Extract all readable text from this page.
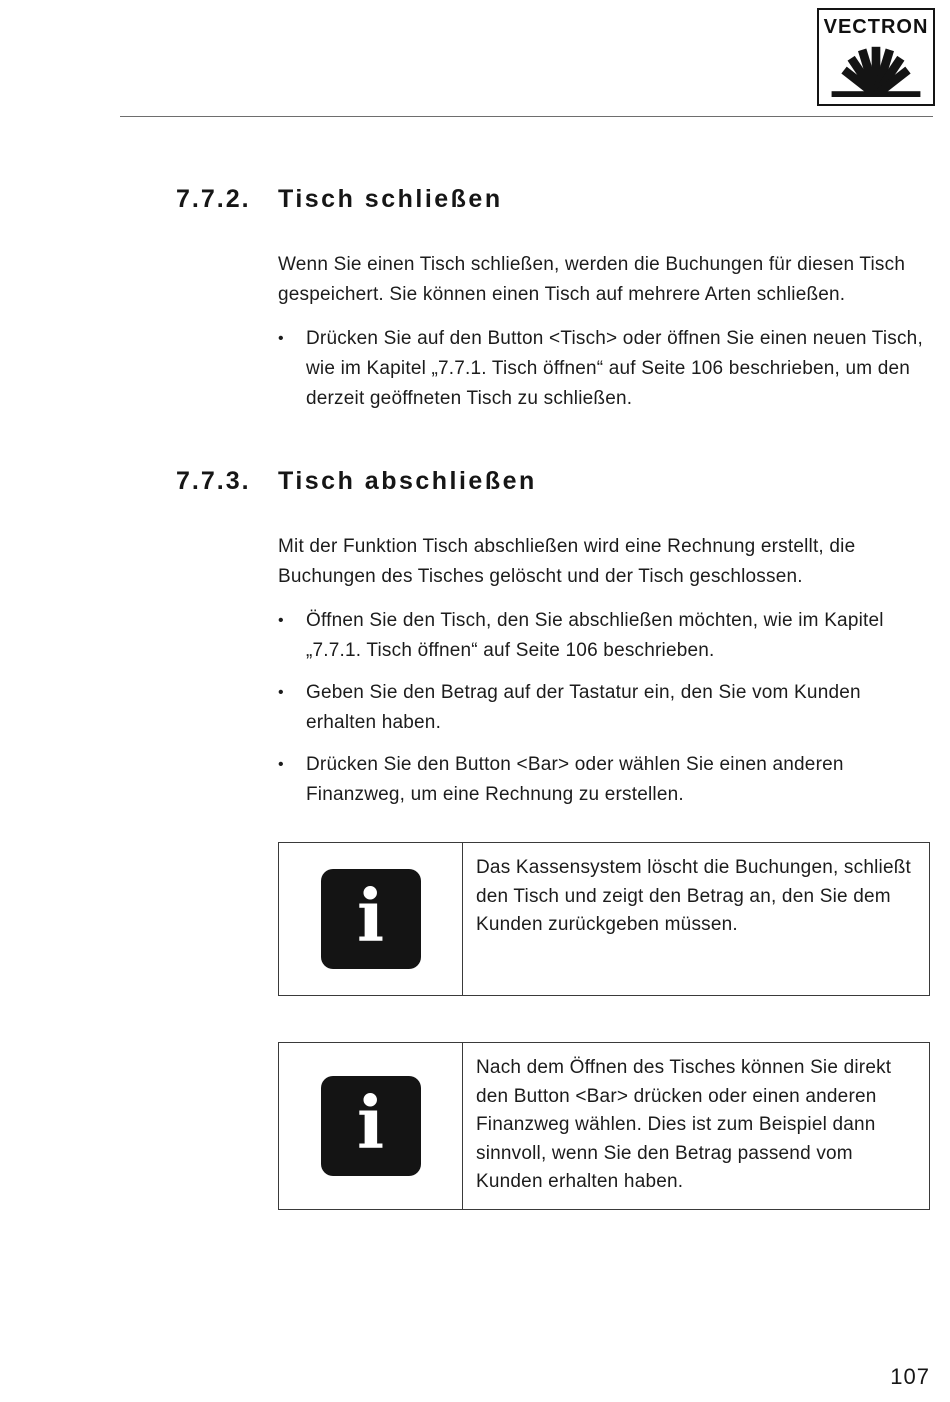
VECTRON
7.7.2.	Tisch schließen

Wenn Sie einen Tisch schließen, werden die Buchungen für diesen Tisch gespeichert. Sie können einen Tisch auf mehrere Arten schließen.

•	Drücken Sie auf den Button <Tisch> oder öffnen Sie einen neuen Tisch, wie im Kapitel „7.7.1. Tisch öffnen“ auf Seite 106 beschrieben, um den derzeit geöffneten Tisch zu schließen.
7.7.3.	Tisch abschließen

Mit der Funktion Tisch abschließen wird eine Rechnung erstellt, die Buchungen des Tisches gelöscht und der Tisch geschlossen.

•	Öffnen Sie den Tisch, den Sie abschließen möchten, wie im Kapitel „7.7.1. Tisch öffnen“ auf Seite 106 beschrieben.
•	Geben Sie den Betrag auf der Tastatur ein, den Sie vom Kunden erhalten haben.
•	Drücken Sie den Button <Bar> oder wählen Sie einen anderen Finanzweg, um eine Rechnung zu erstellen.
i
Das Kassensystem löscht die Buchungen, schließt den Tisch und zeigt den Betrag an, den Sie dem Kunden zurückgeben müssen.
i
Nach dem Öffnen des Tisches können Sie direkt den Button <Bar> drücken oder einen anderen Finanzweg wählen. Dies ist zum Beispiel dann sinnvoll, wenn Sie den Betrag passend vom Kunden erhalten haben.
107
